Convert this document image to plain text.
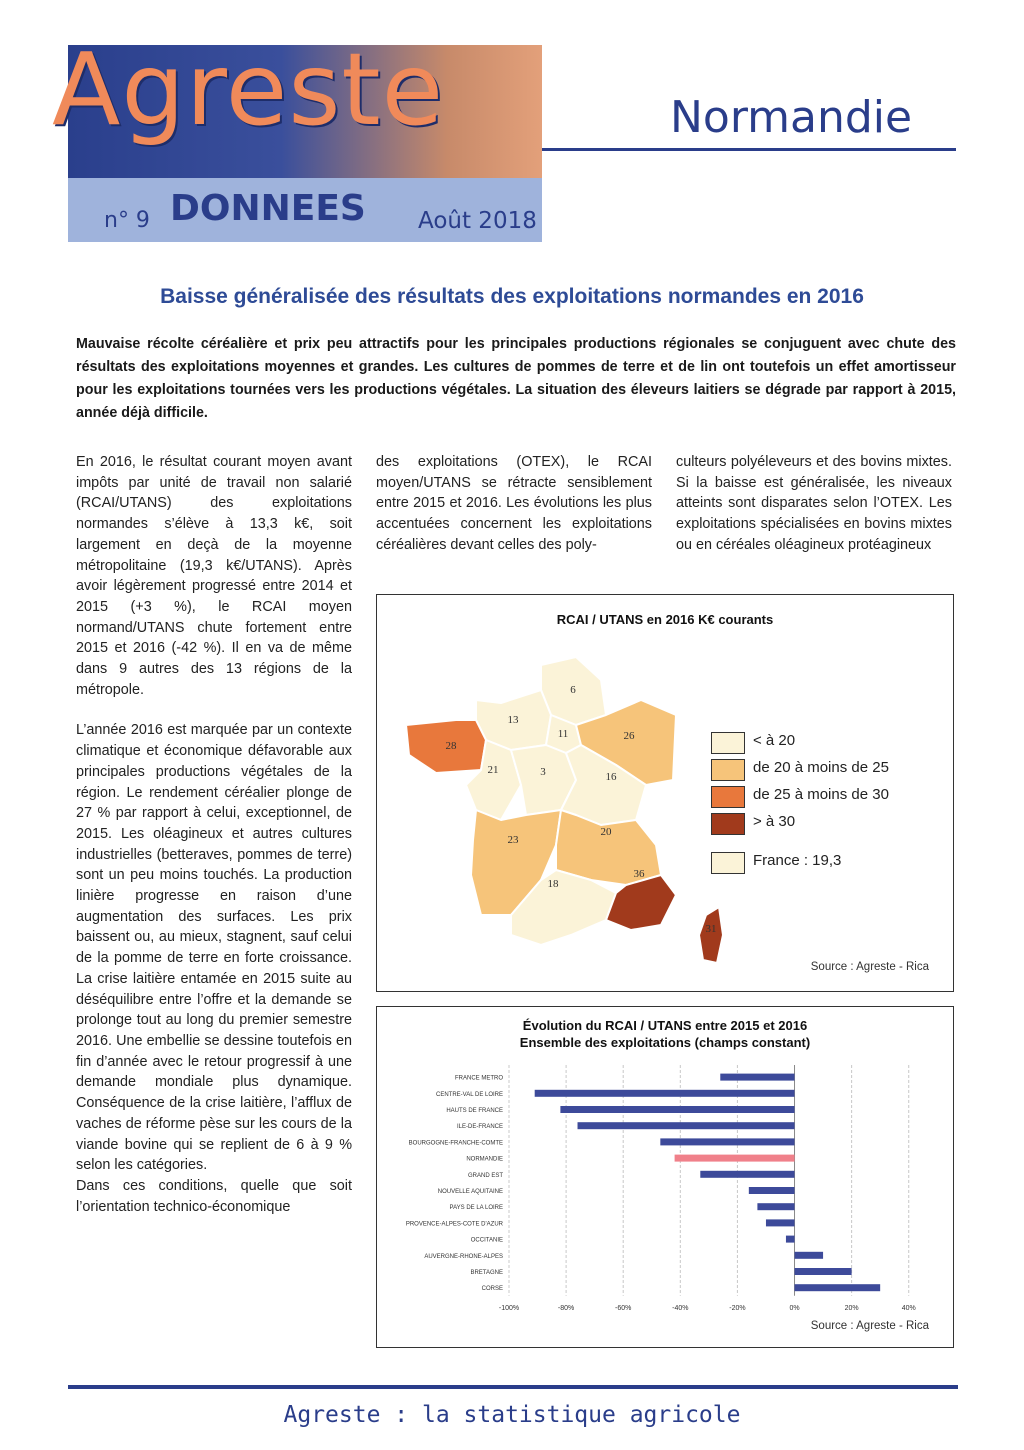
Agreste
n° 9 DONNEES Août 2018
Normandie
Baisse généralisée des résultats des exploitations normandes en 2016
Mauvaise récolte céréalière et prix peu attractifs pour les principales productions régionales se conjuguent avec chute des résultats des exploitations moyennes et grandes. Les cultures de pommes de terre et de lin ont toutefois un effet amortisseur pour les exploitations tournées vers les productions végétales. La situation des éleveurs laitiers se dégrade par rapport à 2015, année déjà difficile.

En 2016, le résultat courant moyen avant impôts par unité de travail non salarié (RCAI/UTANS) des exploitations normandes s’élève à 13,3 k€, soit largement en deçà de la moyenne métropolitaine (19,3 k€/UTANS). Après avoir légèrement progressé entre 2014 et 2015 (+3 %), le RCAI moyen normand/UTANS chute fortement entre 2015 et 2016 (-42 %). Il en va de même dans 9 autres des 13 régions de la métropole.

L’année 2016 est marquée par un contexte climatique et économique défavorable aux principales productions végétales de la région. Le rendement céréalier plonge de 27 % par rapport à celui, exceptionnel, de 2015. Les oléagineux et autres cultures industrielles (betteraves, pommes de terre) sont un peu moins touchés. La production linière progresse en raison d’une augmentation des surfaces. Les prix baissent ou, au mieux, stagnent, sauf celui de la pomme de terre en forte croissance. La crise laitière entamée en 2015 suite au déséquilibre entre l’offre et la demande se prolonge tout au long du premier semestre 2016. Une embellie se dessine toutefois en fin d’année avec le retour progressif à une demande mondiale plus dynamique. Conséquence de la crise laitière, l’afflux de vaches de réforme pèse sur les cours de la viande bovine qui se replient de 6 à 9 % selon les catégories.

Dans ces conditions, quelle que soit l’orientation technico-économique

des exploitations (OTEX), le RCAI moyen/UTANS se rétracte sensiblement entre 2015 et 2016. Les évolutions les plus accentuées concernent les exploitations céréalières devant celles des poly-
culteurs polyéleveurs et des bovins mixtes. Si la baisse est généralisée, les niveaux atteints sont disparates selon l’OTEX. Les exploitations spécialisées en bovins mixtes ou en céréales oléagineux protéagineux
RCAI / UTANS en 2016 K€ courants
6
13
11	26
28
21	3	16
23
20
18
36
31
< à 20
de 20 à moins de 25
de 25 à moins de 30
> à 30
France : 19,3
Source : Agreste - Rica
Évolution du RCAI / UTANS entre 2015 et 2016
Ensemble des exploitations (champs constant)
-100%	-80%	-60%	-40%	-20%	0%	20%	40%
FRANCE METRO
CENTRE-VAL DE LOIRE
HAUTS DE FRANCE
ILE-DE-FRANCE
BOURGOGNE-FRANCHE-COMTE
NORMANDIE
GRAND EST
NOUVELLE AQUITAINE
PAYS DE LA LOIRE
PROVENCE-ALPES-COTE D'AZUR
OCCITANIE
AUVERGNE-RHONE-ALPES
BRETAGNE
CORSE
Source : Agreste - Rica
Agreste : la statistique agricole
